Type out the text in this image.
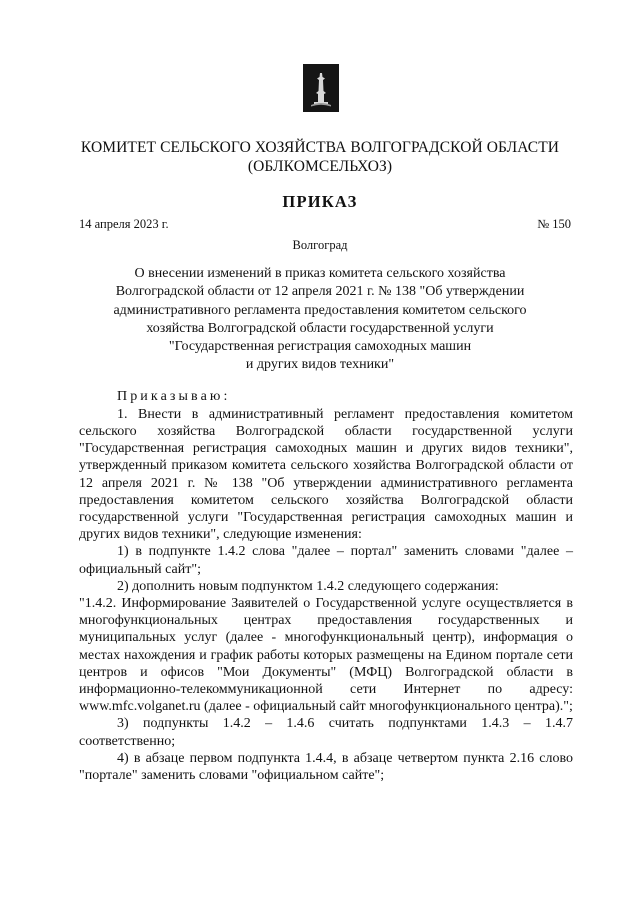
КОМИТЕТ СЕЛЬСКОГО ХОЗЯЙСТВА ВОЛГОГРАДСКОЙ ОБЛАСТИ
(ОБЛКОМСЕЛЬХОЗ)
ПРИКАЗ
14 апреля 2023 г.	№ 150
Волгоград
О внесении изменений в приказ комитета сельского хозяйства
Волгоградской области от 12 апреля 2021 г. № 138 "Об утверждении
административного регламента предоставления комитетом сельского
хозяйства Волгоградской области государственной услуги
"Государственная регистрация самоходных машин
и других видов техники"

Приказываю:

1. Внести в административный регламент предоставления комитетом сельского хозяйства Волгоградской области государственной услуги "Государственная регистрация самоходных машин и других видов техники", утвержденный приказом комитета сельского хозяйства Волгоградской области от 12 апреля 2021 г. № 138 "Об утверждении административного регламента предоставления комитетом сельского хозяйства Волгоградской области государственной услуги "Государственная регистрация самоходных машин и других видов техники", следующие изменения:

1) в подпункте 1.4.2 слова "далее – портал" заменить словами "далее – официальный сайт";

2) дополнить новым подпунктом 1.4.2 следующего содержания:

"1.4.2. Информирование Заявителей о Государственной услуге осуществляется в многофункциональных центрах предоставления государственных и муниципальных услуг (далее - многофункциональный центр), информация о местах нахождения и график работы которых размещены на Едином портале сети центров и офисов "Мои Документы" (МФЦ) Волгоградской области в информационно-телекоммуникационной сети Интернет по адресу: www.mfc.volganet.ru (далее - официальный сайт многофункционального центра).";

3) подпункты 1.4.2 – 1.4.6 считать подпунктами 1.4.3 – 1.4.7 соответственно;

4) в абзаце первом подпункта 1.4.4, в абзаце четвертом пункта 2.16 слово "портале" заменить словами "официальном сайте";
